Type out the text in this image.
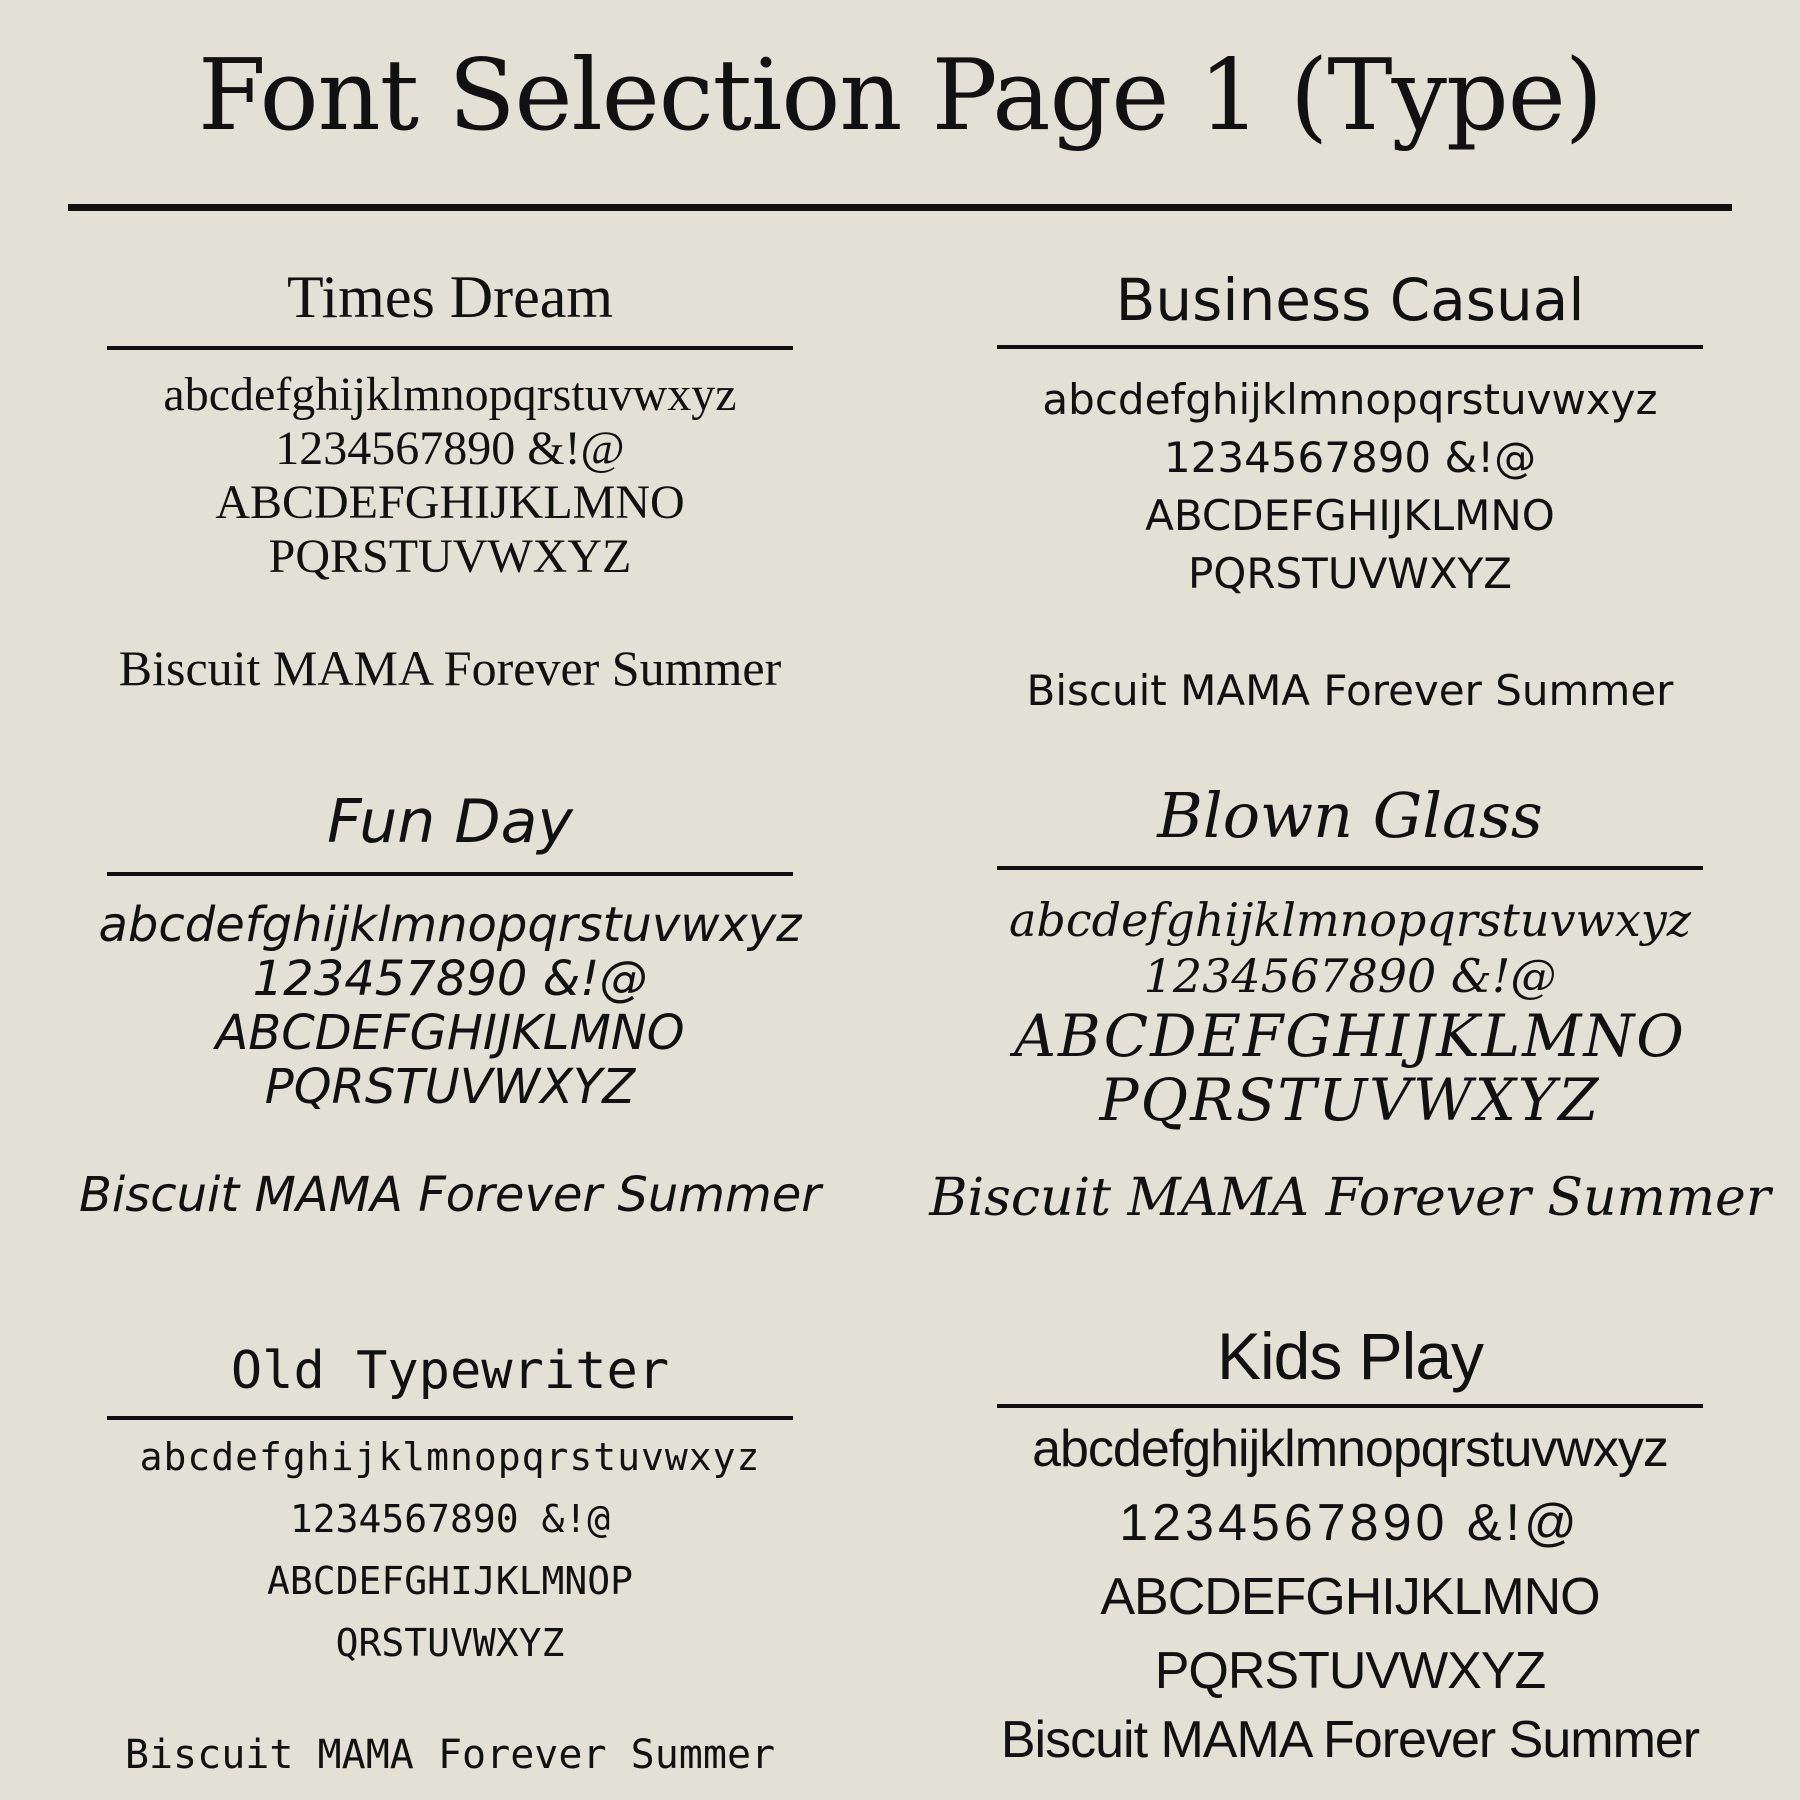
Font Selection Page 1 (Type)
Times Dream
abcdefghijklmnopqrstuvwxyz
1234567890 &!@
ABCDEFGHIJKLMNO
PQRSTUVWXYZ
Biscuit MAMA Forever Summer
Business Casual
abcdefghijklmnopqrstuvwxyz
1234567890 &!@
ABCDEFGHIJKLMNO
PQRSTUVWXYZ
Biscuit MAMA Forever Summer
Fun Day
abcdefghijklmnopqrstuvwxyz
123457890 &!@
ABCDEFGHIJKLMNO
PQRSTUVWXYZ
Biscuit MAMA Forever Summer
Blown Glass
abcdefghijklmnopqrstuvwxyz
1234567890 &!@
ABCDEFGHIJKLMNO
PQRSTUVWXYZ
Biscuit MAMA Forever Summer
Old Typewriter
abcdefghijklmnopqrstuvwxyz
1234567890 &!@
ABCDEFGHIJKLMNOP
QRSTUVWXYZ
Biscuit MAMA Forever Summer
Kids Play
abcdefghijklmnopqrstuvwxyz
1234567890 &!@
ABCDEFGHIJKLMNO
PQRSTUVWXYZ
Biscuit MAMA Forever Summer
